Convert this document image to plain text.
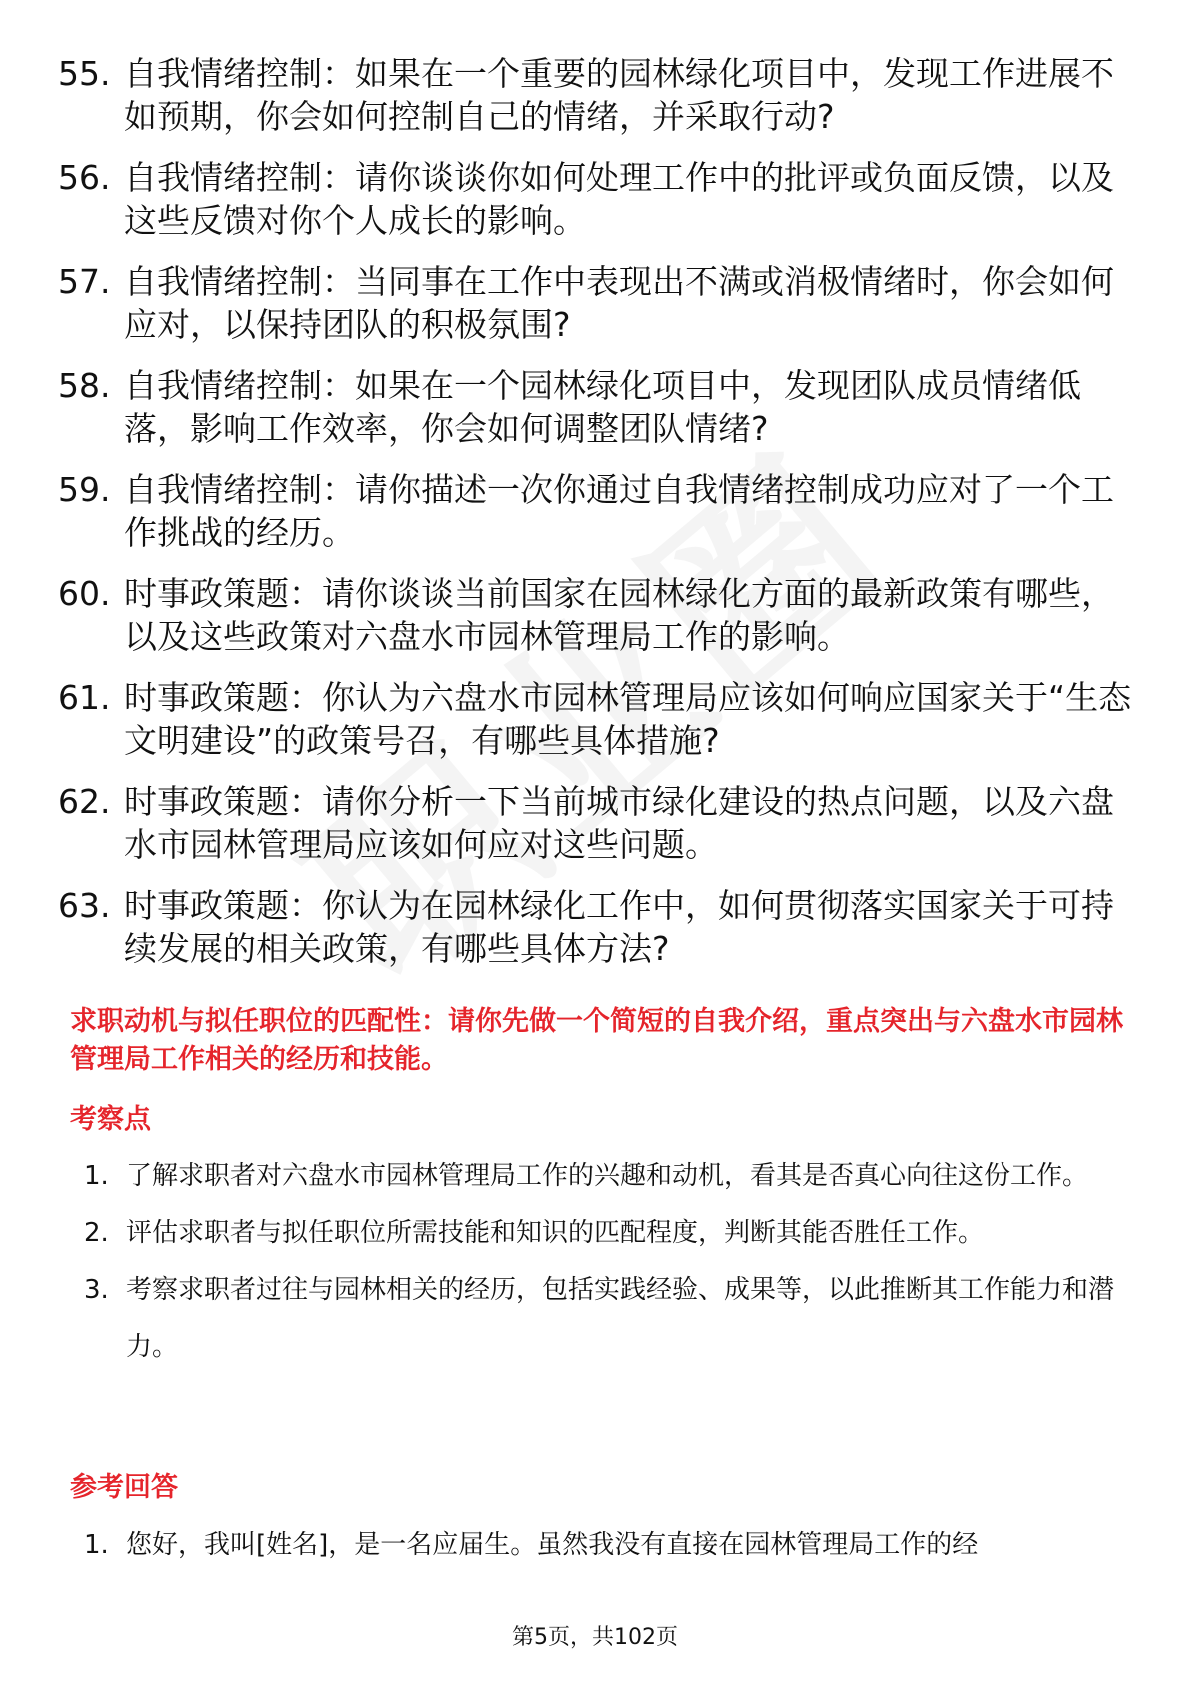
55. 自我情绪控制：如果在一个重要的园林绿化项目中，发现工作进展不如预期，你会如何控制自己的情绪，并采取行动?
56. 自我情绪控制：请你谈谈你如何处理工作中的批评或负面反馈，以及这些反馈对你个人成长的影响。
57. 自我情绪控制：当同事在工作中表现出不满或消极情绪时，你会如何应对，以保持团队的积极氛围?
58. 自我情绪控制：如果在一个园林绿化项目中，发现团队成员情绪低落，影响工作效率，你会如何调整团队情绪?
59. 自我情绪控制：请你描述一次你通过自我情绪控制成功应对了一个工作挑战的经历。
60. 时事政策题：请你谈谈当前国家在园林绿化方面的最新政策有哪些，以及这些政策对六盘水市园林管理局工作的影响。
61. 时事政策题：你认为六盘水市园林管理局应该如何响应国家关于“生态文明建设”的政策号召，有哪些具体措施?
62. 时事政策题：请你分析一下当前城市绿化建设的热点问题，以及六盘水市园林管理局应该如何应对这些问题。
63. 时事政策题：你认为在园林绿化工作中，如何贯彻落实国家关于可持续发展的相关政策，有哪些具体方法?
求职动机与拟任职位的匹配性：请你先做一个简短的自我介绍，重点突出与六盘水市园林管理局工作相关的经历和技能。
考察点
1. 了解求职者对六盘水市园林管理局工作的兴趣和动机，看其是否真心向往这份工作。
2. 评估求职者与拟任职位所需技能和知识的匹配程度，判断其能否胜任工作。
3. 考察求职者过往与园林相关的经历，包括实践经验、成果等，以此推断其工作能力和潜力。
参考回答
1. 您好，我叫[姓名]，是一名应届生。虽然我没有直接在园林管理局工作的经
第5页，共102页
